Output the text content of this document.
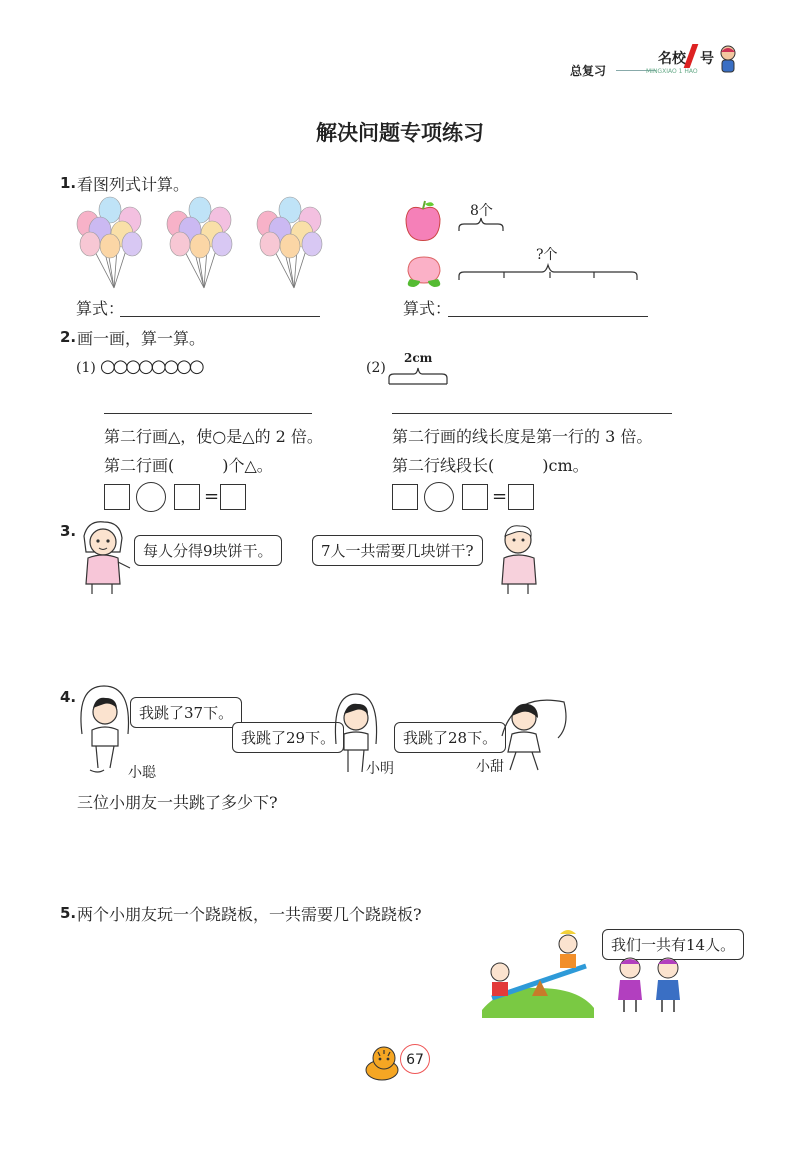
总复习
名校 号
MINGXIAO 1 HAO
解决问题专项练习
1. 看图列式计算。
8个
?个
算式：	算式：
2. 画一画，算一算。
(1) ○○○○○○○○	(2)
2cm
第二行画△，使○是△的 2 倍。
第二行画(　　　)个△。
第二行画的线长度是第一行的 3 倍。
第二行线段长(　　　)cm。
=	=
3.
每人分得9块饼干。	7人一共需要几块饼干?
4.
我跳了37下。
小聪
我跳了29下。
小明
我跳了28下。
小甜
三位小朋友一共跳了多少下?
5. 两个小朋友玩一个跷跷板，一共需要几个跷跷板?
我们一共有14人。
67
